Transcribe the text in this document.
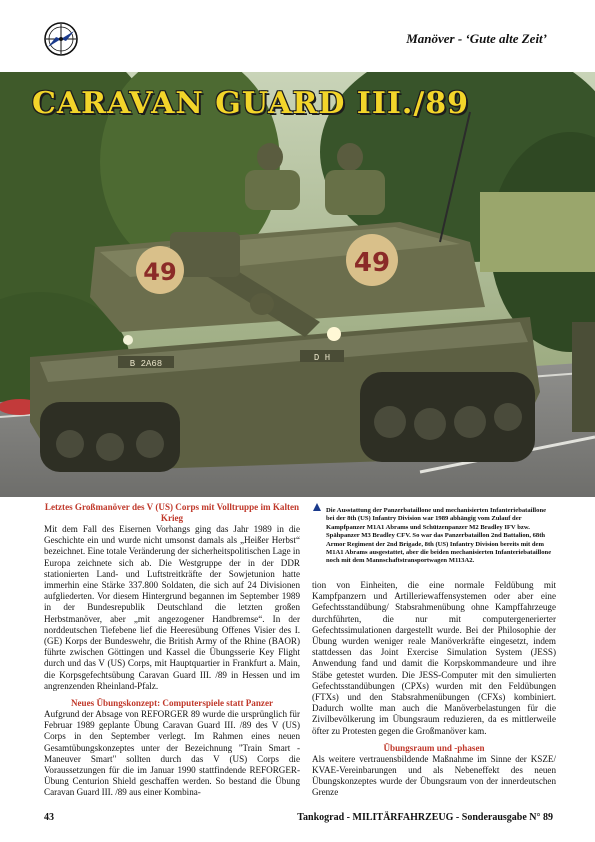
Manöver - ‘Gute alte Zeit’
49	49
B 2A68
D H
CARAVAN GUARD III./89
Letztes Großmanöver des V (US) Corps mit Volltruppe im Kalten Krieg

Mit dem Fall des Eisernen Vorhangs ging das Jahr 1989 in die Geschichte ein und wurde nicht umsonst damals als „Heißer Herbst“ bezeichnet. Eine totale Veränderung der sicherheitspolitischen Lage in Europa zeichnete sich ab. Die Westgruppe der in der DDR stationierten Land- und Luftstreitkräfte der Sowjetunion hatte immerhin eine Stärke 337.800 Soldaten, die sich auf 24 Divisionen aufgliederten. Vor diesem Hintergrund begannen im September 1989 in der Bundesrepublik Deutschland die letzten großen Herbstmanöver, aber „mit angezogener Handbremse“. In der norddeutschen Tiefebene lief die Heeresübung Offenes Visier des I. (GE) Korps der Bundeswehr, die British Army of the Rhine (BAOR) führte zwischen Göttingen und Kassel die Übungsserie Key Flight durch und das V (US) Corps, mit Hauptquartier in Frankfurt a. Main, die Korpsgefechtsübung Caravan Guard III. /89 in Hessen und im angrenzenden Rheinland-Pfalz.

Neues Übungskonzept: Computerspiele statt Panzer

Aufgrund der Absage von REFORGER 89 wurde die ursprünglich für Februar 1989 geplante Übung Caravan Guard III. /89 des V (US) Corps in den September verlegt. Im Rahmen eines neuen Gesamtübungskonzeptes unter der Bezeichnung "Train Smart - Maneuver Smart" sollten durch das V (US) Corps die Voraussetzungen für die im Januar 1990 stattfindende REFORGER-Übung Centurion Shield geschaffen werden. So bestand die Übung Caravan Guard III. /89 aus einer Kombina-

Die Ausstattung der Panzerbataillone und mechanisierten Infanteriebataillone bei der 8th (US) Infantry Division war 1989 abhängig vom Zulauf der Kampfpanzer M1A1 Abrams und Schützenpanzer M2 Bradley IFV bzw. Spähpanzer M3 Bradley CFV. So war das Panzerbataillon 2nd Battalion, 68th Armor Regiment der 2nd Brigade, 8th (US) Infantry Division bereits mit dem M1A1 Abrams ausgestattet, aber die beiden mechanisierten Infanteriebataillone noch mit dem Mannschaftstransportwagen M113A2.

tion von Einheiten, die eine normale Feldübung mit Kampfpanzern und Artilleriewaffensystemen oder aber eine Gefechtsstandübung/ Stabsrahmenübung ohne Kampffahrzeuge durchführten, die nur mit computergenerierter Gefechtssimulationen dargestellt wurde. Bei der Philosophie der Übung wurden weniger reale Manöverkräfte eingesetzt, indem stattdessen das Joint Exercise Simulation System (JESS) Anwendung fand und damit die Korpskommandeure und ihre Stäbe getestet wurden. Die JESS-Computer mit den simulierten Gefechtsstandübungen (CPXs) wurden mit den Feldübungen (FTXs) und den Stabsrahmenübungen (CFXs) kombiniert. Dadurch wollte man auch die Manöverbelastungen für die Zivilbevölkerung im Übungsraum reduzieren, da es mittlerweile öfter zu Protesten gegen die Großmanöver kam.

Übungsraum und -phasen

Als weitere vertrauensbildende Maßnahme im Sinne der KSZE/ KVAE-Vereinbarungen und als Nebeneffekt des neuen Übungskonzeptes wurde der Übungsraum von der innerdeutschen Grenze

43	Tankograd - MILITÄRFAHRZEUG - Sonderausgabe N° 89
